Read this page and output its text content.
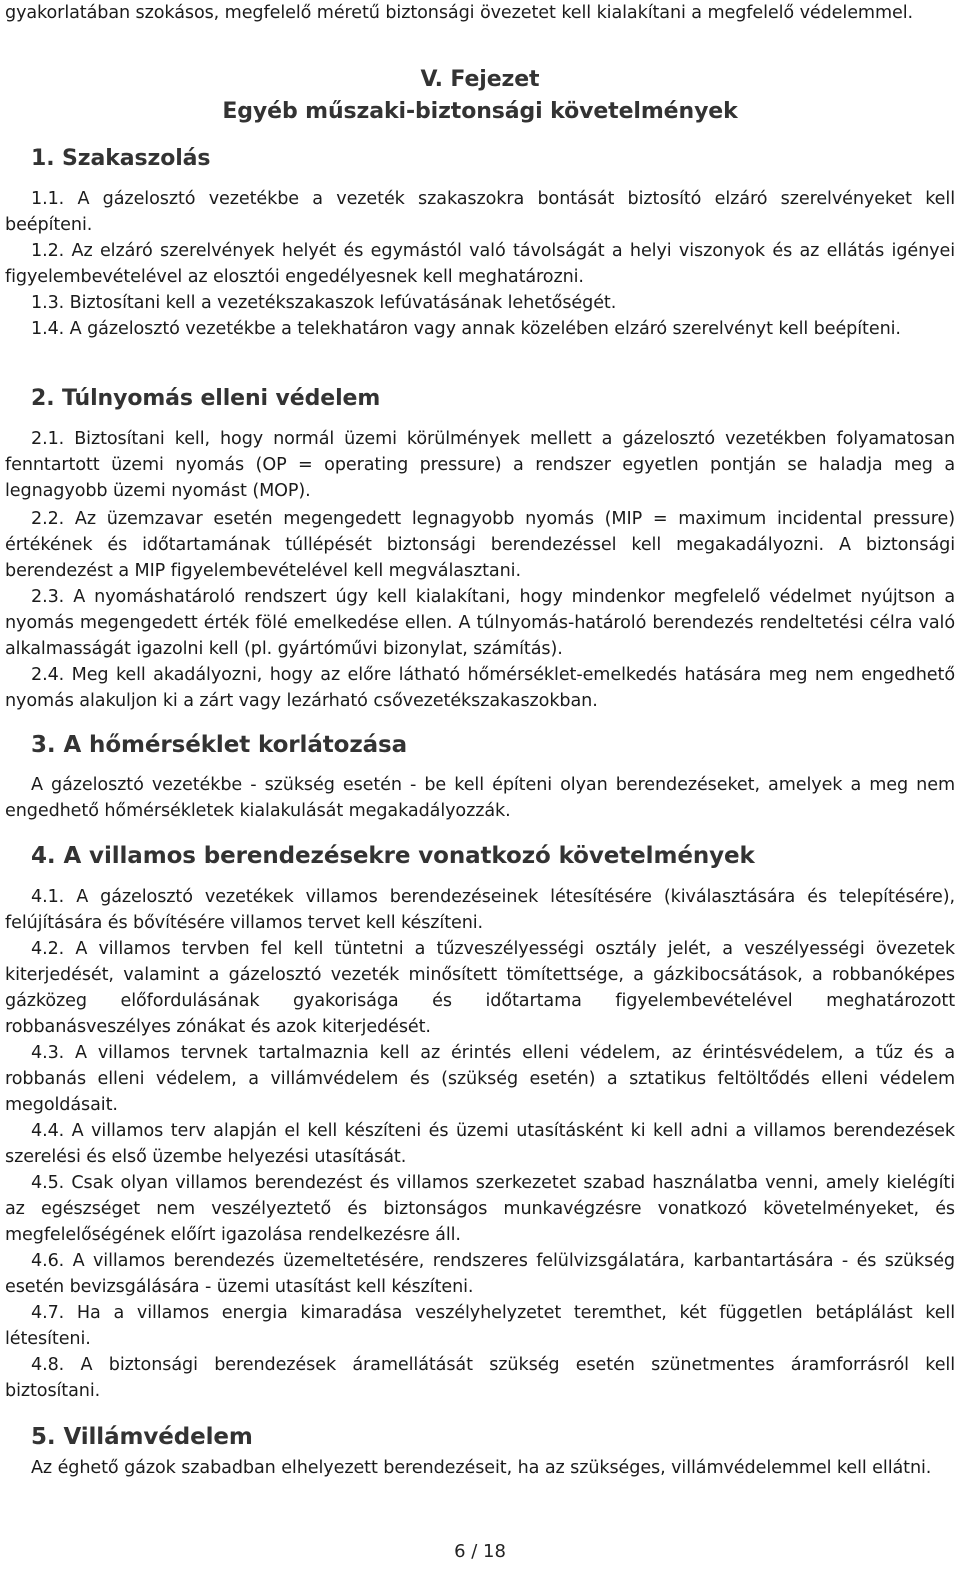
gyakorlatában szokásos, megfelelő méretű biztonsági övezetet kell kialakítani a megfelelő védelemmel.

V. Fejezet

Egyéb műszaki-biztonsági követelmények

1. Szakaszolás

1.1. A gázelosztó vezetékbe a vezeték szakaszokra bontását biztosító elzáró szerelvényeket kell beépíteni.

1.2. Az elzáró szerelvények helyét és egymástól való távolságát a helyi viszonyok és az ellátás igényei figyelembevételével az elosztói engedélyesnek kell meghatározni.

1.3. Biztosítani kell a vezetékszakaszok lefúvatásának lehetőségét.

1.4. A gázelosztó vezetékbe a telekhatáron vagy annak közelében elzáró szerelvényt kell beépíteni.

2. Túlnyomás elleni védelem

2.1. Biztosítani kell, hogy normál üzemi körülmények mellett a gázelosztó vezetékben folyamatosan fenntartott üzemi nyomás (OP = operating pressure) a rendszer egyetlen pontján se haladja meg a legnagyobb üzemi nyomást (MOP).

2.2. Az üzemzavar esetén megengedett legnagyobb nyomás (MIP = maximum incidental pressure) értékének és időtartamának túllépését biztonsági berendezéssel kell megakadályozni. A biztonsági berendezést a MIP figyelembevételével kell megválasztani.

2.3. A nyomáshatároló rendszert úgy kell kialakítani, hogy mindenkor megfelelő védelmet nyújtson a nyomás megengedett érték fölé emelkedése ellen. A túlnyomás-határoló berendezés rendeltetési célra való alkalmasságát igazolni kell (pl. gyártóművi bizonylat, számítás).

2.4. Meg kell akadályozni, hogy az előre látható hőmérséklet-emelkedés hatására meg nem engedhető nyomás alakuljon ki a zárt vagy lezárható csővezetékszakaszokban.

3. A hőmérséklet korlátozása

A gázelosztó vezetékbe - szükség esetén - be kell építeni olyan berendezéseket, amelyek a meg nem engedhető hőmérsékletek kialakulását megakadályozzák.

4. A villamos berendezésekre vonatkozó követelmények

4.1. A gázelosztó vezetékek villamos berendezéseinek létesítésére (kiválasztására és telepítésére), felújítására és bővítésére villamos tervet kell készíteni.

4.2. A villamos tervben fel kell tüntetni a tűzveszélyességi osztály jelét, a veszélyességi övezetek kiterjedését, valamint a gázelosztó vezeték minősített tömítettsége, a gázkibocsátások, a robbanóképes gázközeg előfordulásának gyakorisága és időtartama figyelembevételével meghatározott robbanásveszélyes zónákat és azok kiterjedését.

4.3. A villamos tervnek tartalmaznia kell az érintés elleni védelem, az érintésvédelem, a tűz és a robbanás elleni védelem, a villámvédelem és (szükség esetén) a sztatikus feltöltődés elleni védelem megoldásait.

4.4. A villamos terv alapján el kell készíteni és üzemi utasításként ki kell adni a villamos berendezések szerelési és első üzembe helyezési utasítását.

4.5. Csak olyan villamos berendezést és villamos szerkezetet szabad használatba venni, amely kielégíti az egészséget nem veszélyeztető és biztonságos munkavégzésre vonatkozó követelményeket, és megfelelőségének előírt igazolása rendelkezésre áll.

4.6. A villamos berendezés üzemeltetésére, rendszeres felülvizsgálatára, karbantartására - és szükség esetén bevizsgálására - üzemi utasítást kell készíteni.

4.7. Ha a villamos energia kimaradása veszélyhelyzetet teremthet, két független betáplálást kell létesíteni.

4.8. A biztonsági berendezések áramellátását szükség esetén szünetmentes áramforrásról kell biztosítani.

5. Villámvédelem

Az éghető gázok szabadban elhelyezett berendezéseit, ha az szükséges, villámvédelemmel kell ellátni.

6 / 18
